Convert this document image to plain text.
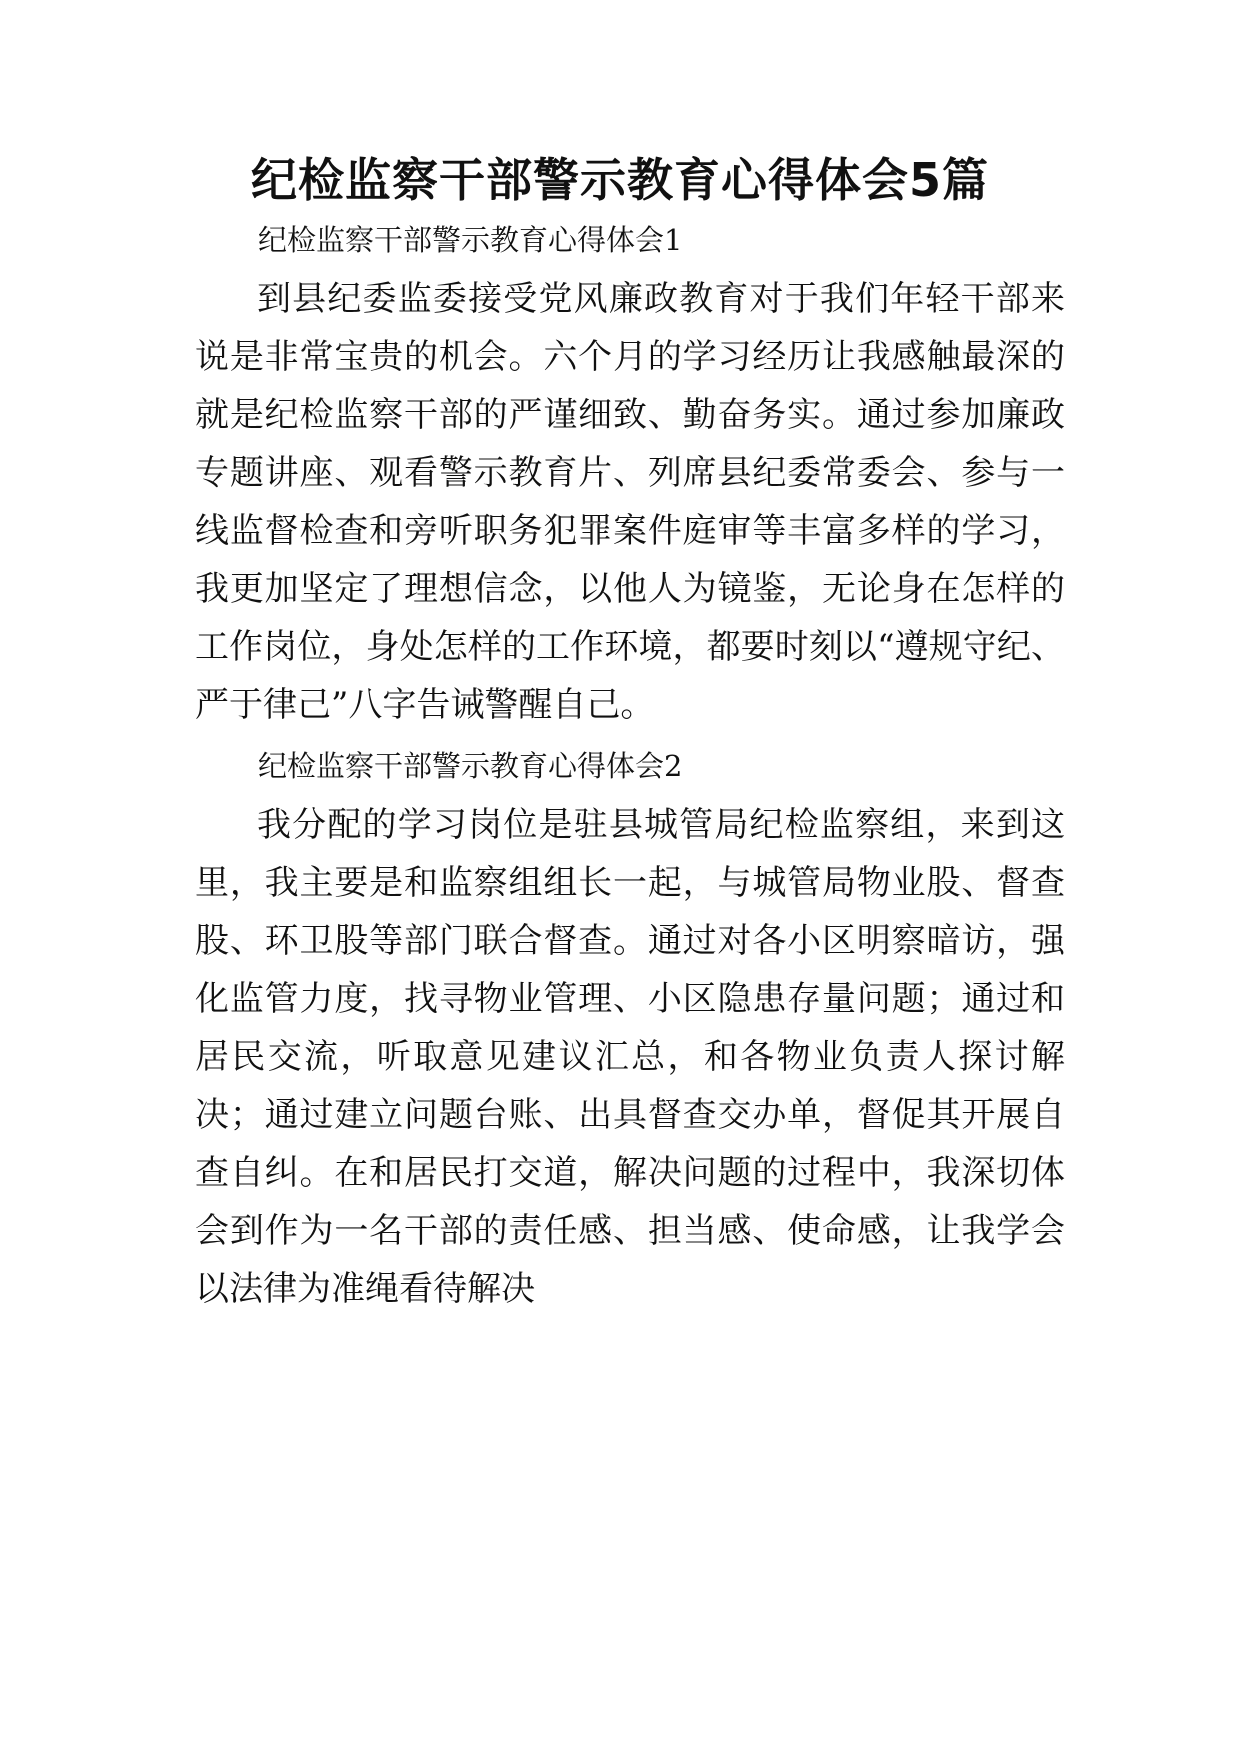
纪检监察干部警示教育心得体会5篇

纪检监察干部警示教育心得体会1

到县纪委监委接受党风廉政教育对于我们年轻干部来说是非常宝贵的机会。六个月的学习经历让我感触最深的就是纪检监察干部的严谨细致、勤奋务实。通过参加廉政专题讲座、观看警示教育片、列席县纪委常委会、参与一线监督检查和旁听职务犯罪案件庭审等丰富多样的学习，我更加坚定了理想信念，以他人为镜鉴，无论身在怎样的工作岗位，身处怎样的工作环境，都要时刻以“遵规守纪、严于律己”八字告诫警醒自己。

纪检监察干部警示教育心得体会2

我分配的学习岗位是驻县城管局纪检监察组，来到这里，我主要是和监察组组长一起，与城管局物业股、督查股、环卫股等部门联合督查。通过对各小区明察暗访，强化监管力度，找寻物业管理、小区隐患存量问题；通过和居民交流，听取意见建议汇总，和各物业负责人探讨解决；通过建立问题台账、出具督查交办单，督促其开展自查自纠。在和居民打交道，解决问题的过程中，我深切体会到作为一名干部的责任感、担当感、使命感，让我学会以法律为准绳看待解决
